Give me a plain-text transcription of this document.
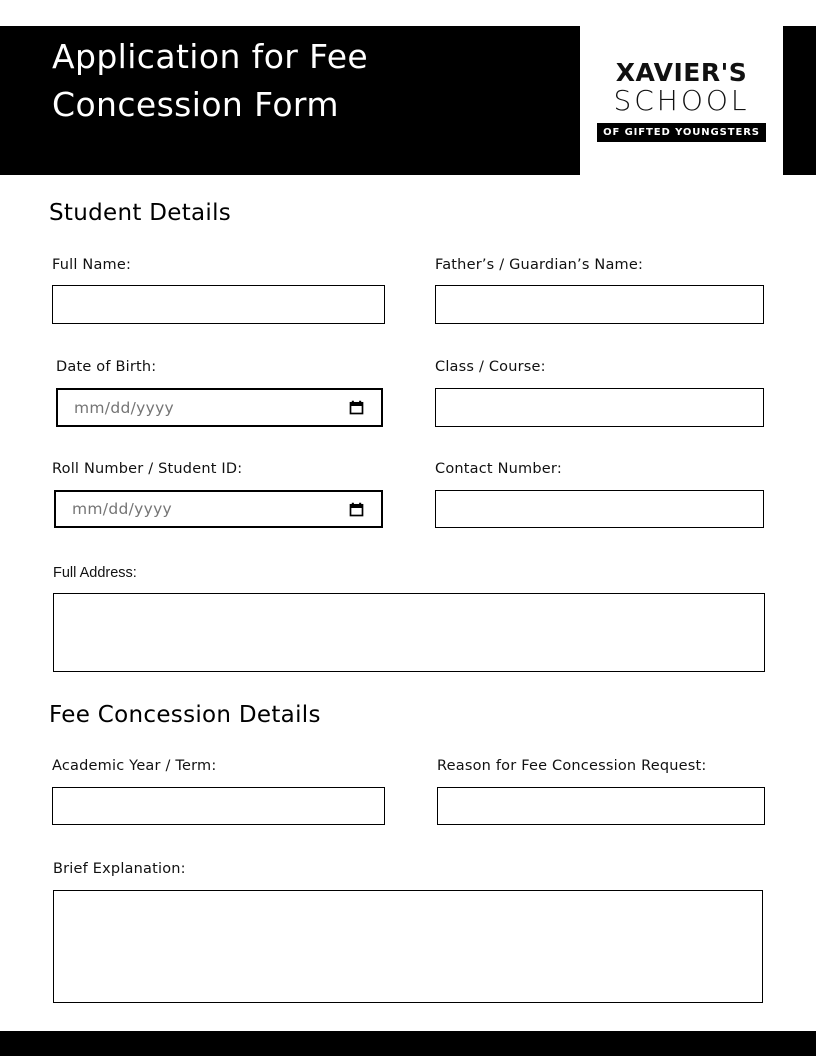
Application for Fee
Concession Form
XAVIER'S
SCHOOL
OF GIFTED YOUNGSTERS
Student Details
Full Name:	Father’s / Guardian’s Name:
Date of Birth:
mm/dd/yyyy
Class / Course:
Roll Number / Student ID:
mm/dd/yyyy
Contact Number:
Full Address:
Fee Concession Details
Academic Year / Term:	Reason for Fee Concession Request:
Brief Explanation:
